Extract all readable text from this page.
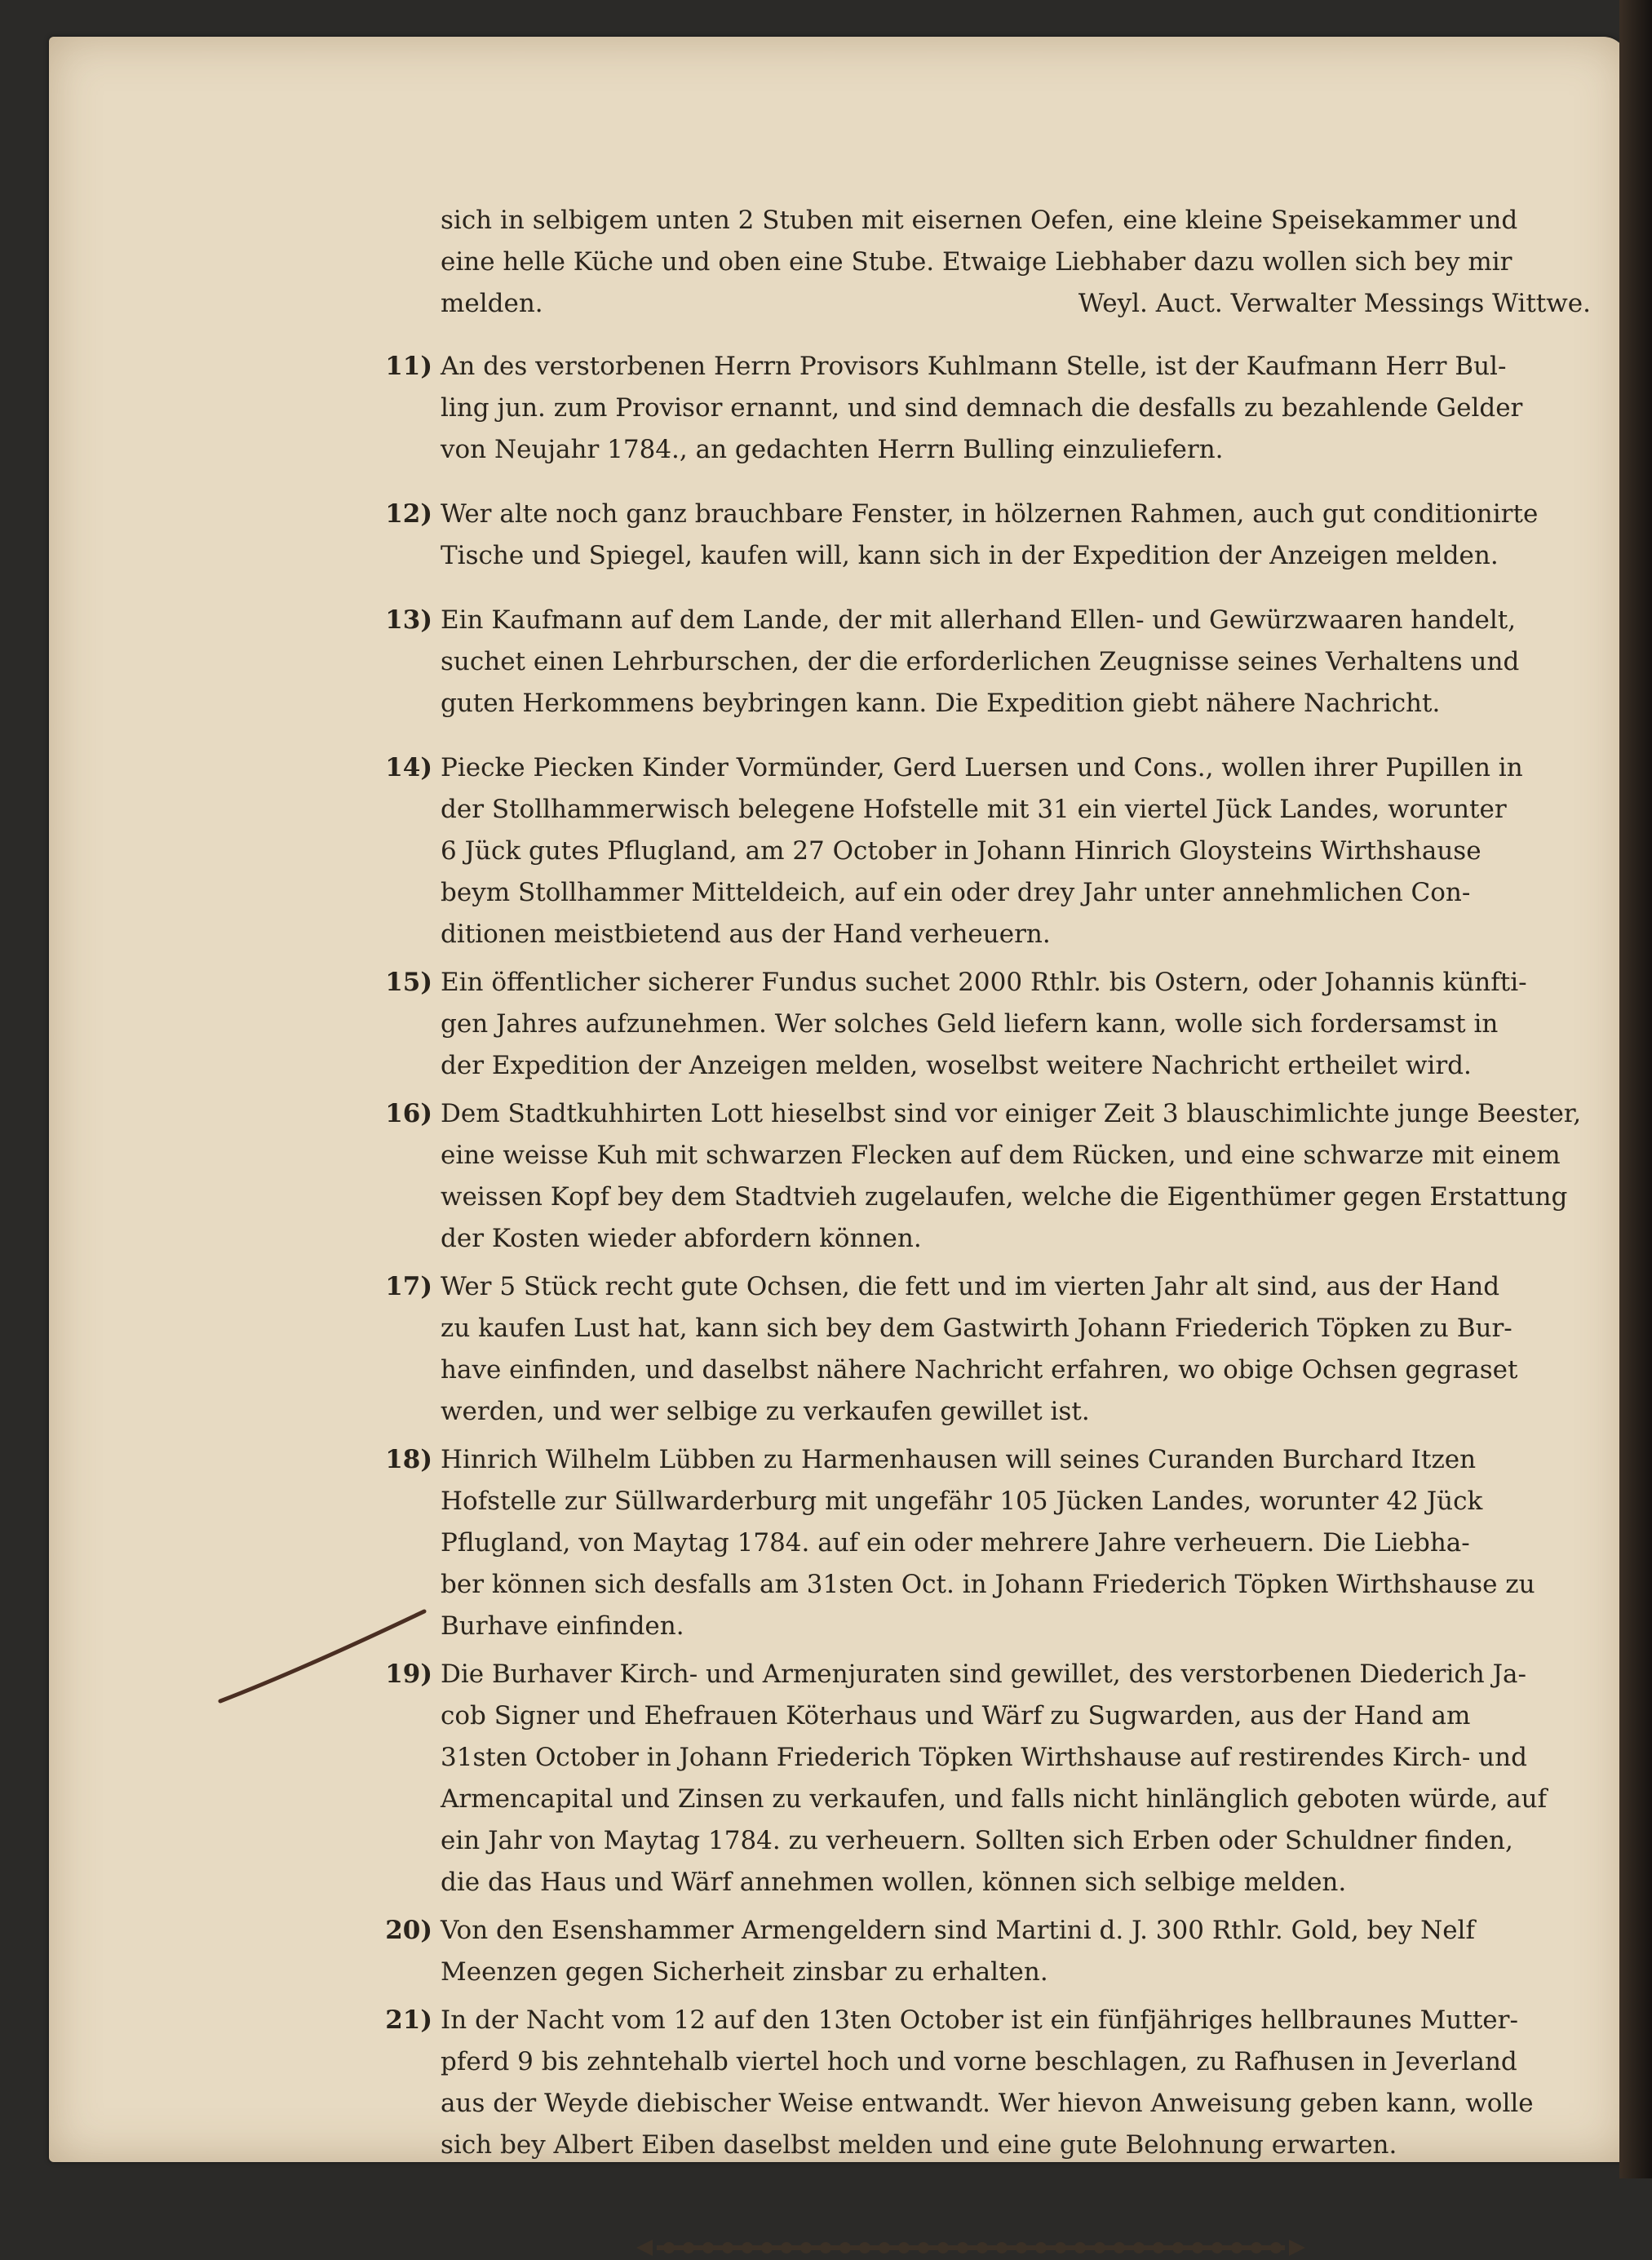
sich in selbigem unten 2 Stuben mit eisernen Oefen, eine kleine Speisekammer und
eine helle Küche und oben eine Stube. Etwaige Liebhaber dazu wollen sich bey mir
melden.	Weyl. Auct. Verwalter Messings Wittwe.
11) An des verstorbenen Herrn Provisors Kuhlmann Stelle, ist der Kaufmann Herr Bul-
ling jun. zum Provisor ernannt, und sind demnach die desfalls zu bezahlende Gelder
von Neujahr 1784., an gedachten Herrn Bulling einzuliefern.
12) Wer alte noch ganz brauchbare Fenster, in hölzernen Rahmen, auch gut conditionirte
Tische und Spiegel, kaufen will, kann sich in der Expedition der Anzeigen melden.
13) Ein Kaufmann auf dem Lande, der mit allerhand Ellen- und Gewürzwaaren handelt,
suchet einen Lehrburschen, der die erforderlichen Zeugnisse seines Verhaltens und
guten Herkommens beybringen kann. Die Expedition giebt nähere Nachricht.
14) Piecke Piecken Kinder Vormünder, Gerd Luersen und Cons., wollen ihrer Pupillen in
der Stollhammerwisch belegene Hofstelle mit 31 ein viertel Jück Landes, worunter
6 Jück gutes Pflugland, am 27 October in Johann Hinrich Gloysteins Wirthshause
beym Stollhammer Mitteldeich, auf ein oder drey Jahr unter annehmlichen Con-
ditionen meistbietend aus der Hand verheuern.
15) Ein öffentlicher sicherer Fundus suchet 2000 Rthlr. bis Ostern, oder Johannis künfti-
gen Jahres aufzunehmen. Wer solches Geld liefern kann, wolle sich fordersamst in
der Expedition der Anzeigen melden, woselbst weitere Nachricht ertheilet wird.
16) Dem Stadtkuhhirten Lott hieselbst sind vor einiger Zeit 3 blauschimlichte junge Beester,
eine weisse Kuh mit schwarzen Flecken auf dem Rücken, und eine schwarze mit einem
weissen Kopf bey dem Stadtvieh zugelaufen, welche die Eigenthümer gegen Erstattung
der Kosten wieder abfordern können.
17) Wer 5 Stück recht gute Ochsen, die fett und im vierten Jahr alt sind, aus der Hand
zu kaufen Lust hat, kann sich bey dem Gastwirth Johann Friederich Töpken zu Bur-
have einfinden, und daselbst nähere Nachricht erfahren, wo obige Ochsen gegraset
werden, und wer selbige zu verkaufen gewillet ist.
18) Hinrich Wilhelm Lübben zu Harmenhausen will seines Curanden Burchard Itzen
Hofstelle zur Süllwarderburg mit ungefähr 105 Jücken Landes, worunter 42 Jück
Pflugland, von Maytag 1784. auf ein oder mehrere Jahre verheuern. Die Liebha-
ber können sich desfalls am 31sten Oct. in Johann Friederich Töpken Wirthshause zu
Burhave einfinden.
19) Die Burhaver Kirch- und Armenjuraten sind gewillet, des verstorbenen Diederich Ja-
cob Signer und Ehefrauen Köterhaus und Wärf zu Sugwarden, aus der Hand am
31sten October in Johann Friederich Töpken Wirthshause auf restirendes Kirch- und
Armencapital und Zinsen zu verkaufen, und falls nicht hinlänglich geboten würde, auf
ein Jahr von Maytag 1784. zu verheuern. Sollten sich Erben oder Schuldner finden,
die das Haus und Wärf annehmen wollen, können sich selbige melden.
20) Von den Esenshammer Armengeldern sind Martini d. J. 300 Rthlr. Gold, bey Nelf
Meenzen gegen Sicherheit zinsbar zu erhalten.
21) In der Nacht vom 12 auf den 13ten October ist ein fünfjähriges hellbraunes Mutter-
pferd 9 bis zehntehalb viertel hoch und vorne beschlagen, zu Rafhusen in Jeverland
aus der Weyde diebischer Weise entwandt. Wer hievon Anweisung geben kann, wolle
sich bey Albert Eiben daselbst melden und eine gute Belohnung erwarten.
